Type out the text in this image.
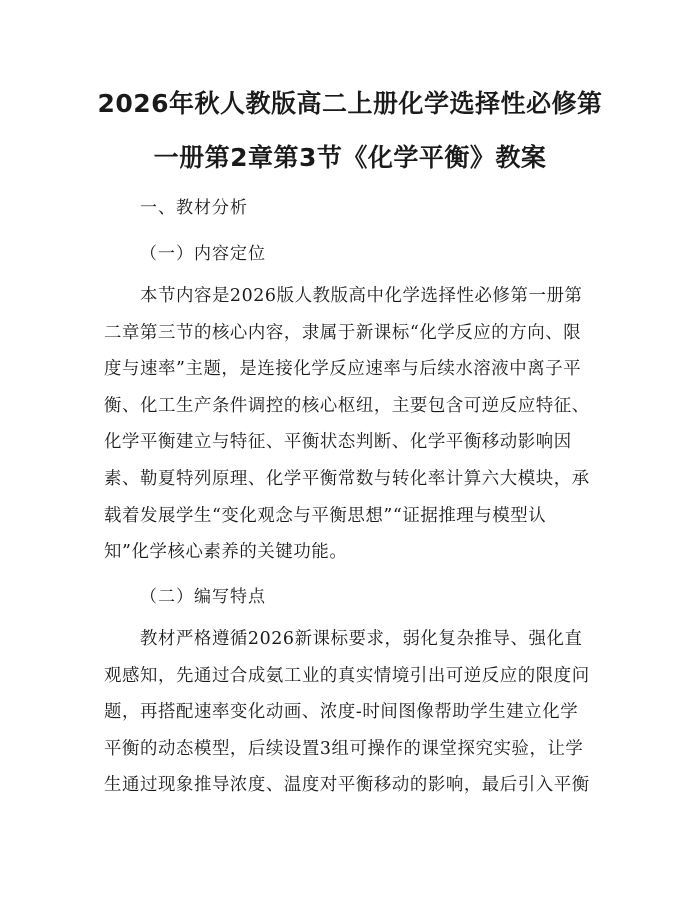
2026年秋人教版高二上册化学选择性必修第
一册第2章第3节《化学平衡》教案
一、教材分析
（一）内容定位
　　本节内容是2026版人教版高中化学选择性必修第一册第
二章第三节的核心内容，隶属于新课标“化学反应的方向、限
度与速率”主题，是连接化学反应速率与后续水溶液中离子平
衡、化工生产条件调控的核心枢纽，主要包含可逆反应特征、
化学平衡建立与特征、平衡状态判断、化学平衡移动影响因
素、勒夏特列原理、化学平衡常数与转化率计算六大模块，承
载着发展学生“变化观念与平衡思想”“证据推理与模型认
知”化学核心素养的关键功能。
（二）编写特点
　　教材严格遵循2026新课标要求，弱化复杂推导、强化直
观感知，先通过合成氨工业的真实情境引出可逆反应的限度问
题，再搭配速率变化动画、浓度-时间图像帮助学生建立化学
平衡的动态模型，后续设置3组可操作的课堂探究实验，让学
生通过现象推导浓度、温度对平衡移动的影响，最后引入平衡
